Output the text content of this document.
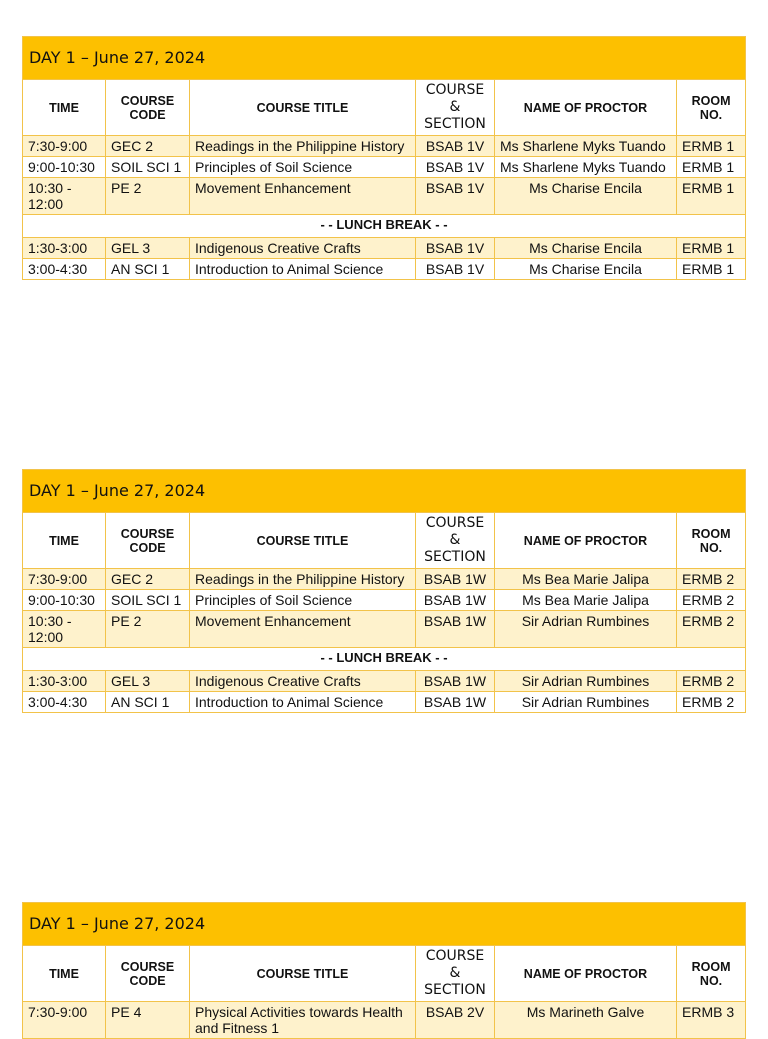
DAY 1 – June 27, 2024					
TIME	COURSE CODE	COURSE TITLE	COURSE & SECTION	NAME OF PROCTOR	ROOM NO.
7:30-9:00	GEC 2	Readings in the Philippine History	BSAB 1V	Ms Sharlene Myks Tuando	ERMB 1
9:00-10:30	SOIL SCI 1	Principles of Soil Science	BSAB 1V	Ms Sharlene Myks Tuando	ERMB 1
10:30 - 12:00	PE 2	Movement Enhancement	BSAB 1V	Ms Charise Encila	ERMB 1
- - LUNCH BREAK - -					
1:30-3:00	GEL 3	Indigenous Creative Crafts	BSAB 1V	Ms Charise Encila	ERMB 1
3:00-4:30	AN SCI 1	Introduction to Animal Science	BSAB 1V	Ms Charise Encila	ERMB 1
DAY 1 – June 27, 2024					
TIME	COURSE CODE	COURSE TITLE	COURSE & SECTION	NAME OF PROCTOR	ROOM NO.
7:30-9:00	GEC 2	Readings in the Philippine History	BSAB 1W	Ms Bea Marie Jalipa	ERMB 2
9:00-10:30	SOIL SCI 1	Principles of Soil Science	BSAB 1W	Ms Bea Marie Jalipa	ERMB 2
10:30 - 12:00	PE 2	Movement Enhancement	BSAB 1W	Sir Adrian Rumbines	ERMB 2
- - LUNCH BREAK - -					
1:30-3:00	GEL 3	Indigenous Creative Crafts	BSAB 1W	Sir Adrian Rumbines	ERMB 2
3:00-4:30	AN SCI 1	Introduction to Animal Science	BSAB 1W	Sir Adrian Rumbines	ERMB 2
DAY 1 – June 27, 2024					
TIME	COURSE CODE	COURSE TITLE	COURSE & SECTION	NAME OF PROCTOR	ROOM NO.
7:30-9:00	PE 4	Physical Activities towards Health and Fitness 1	BSAB 2V	Ms Marineth Galve	ERMB 3
